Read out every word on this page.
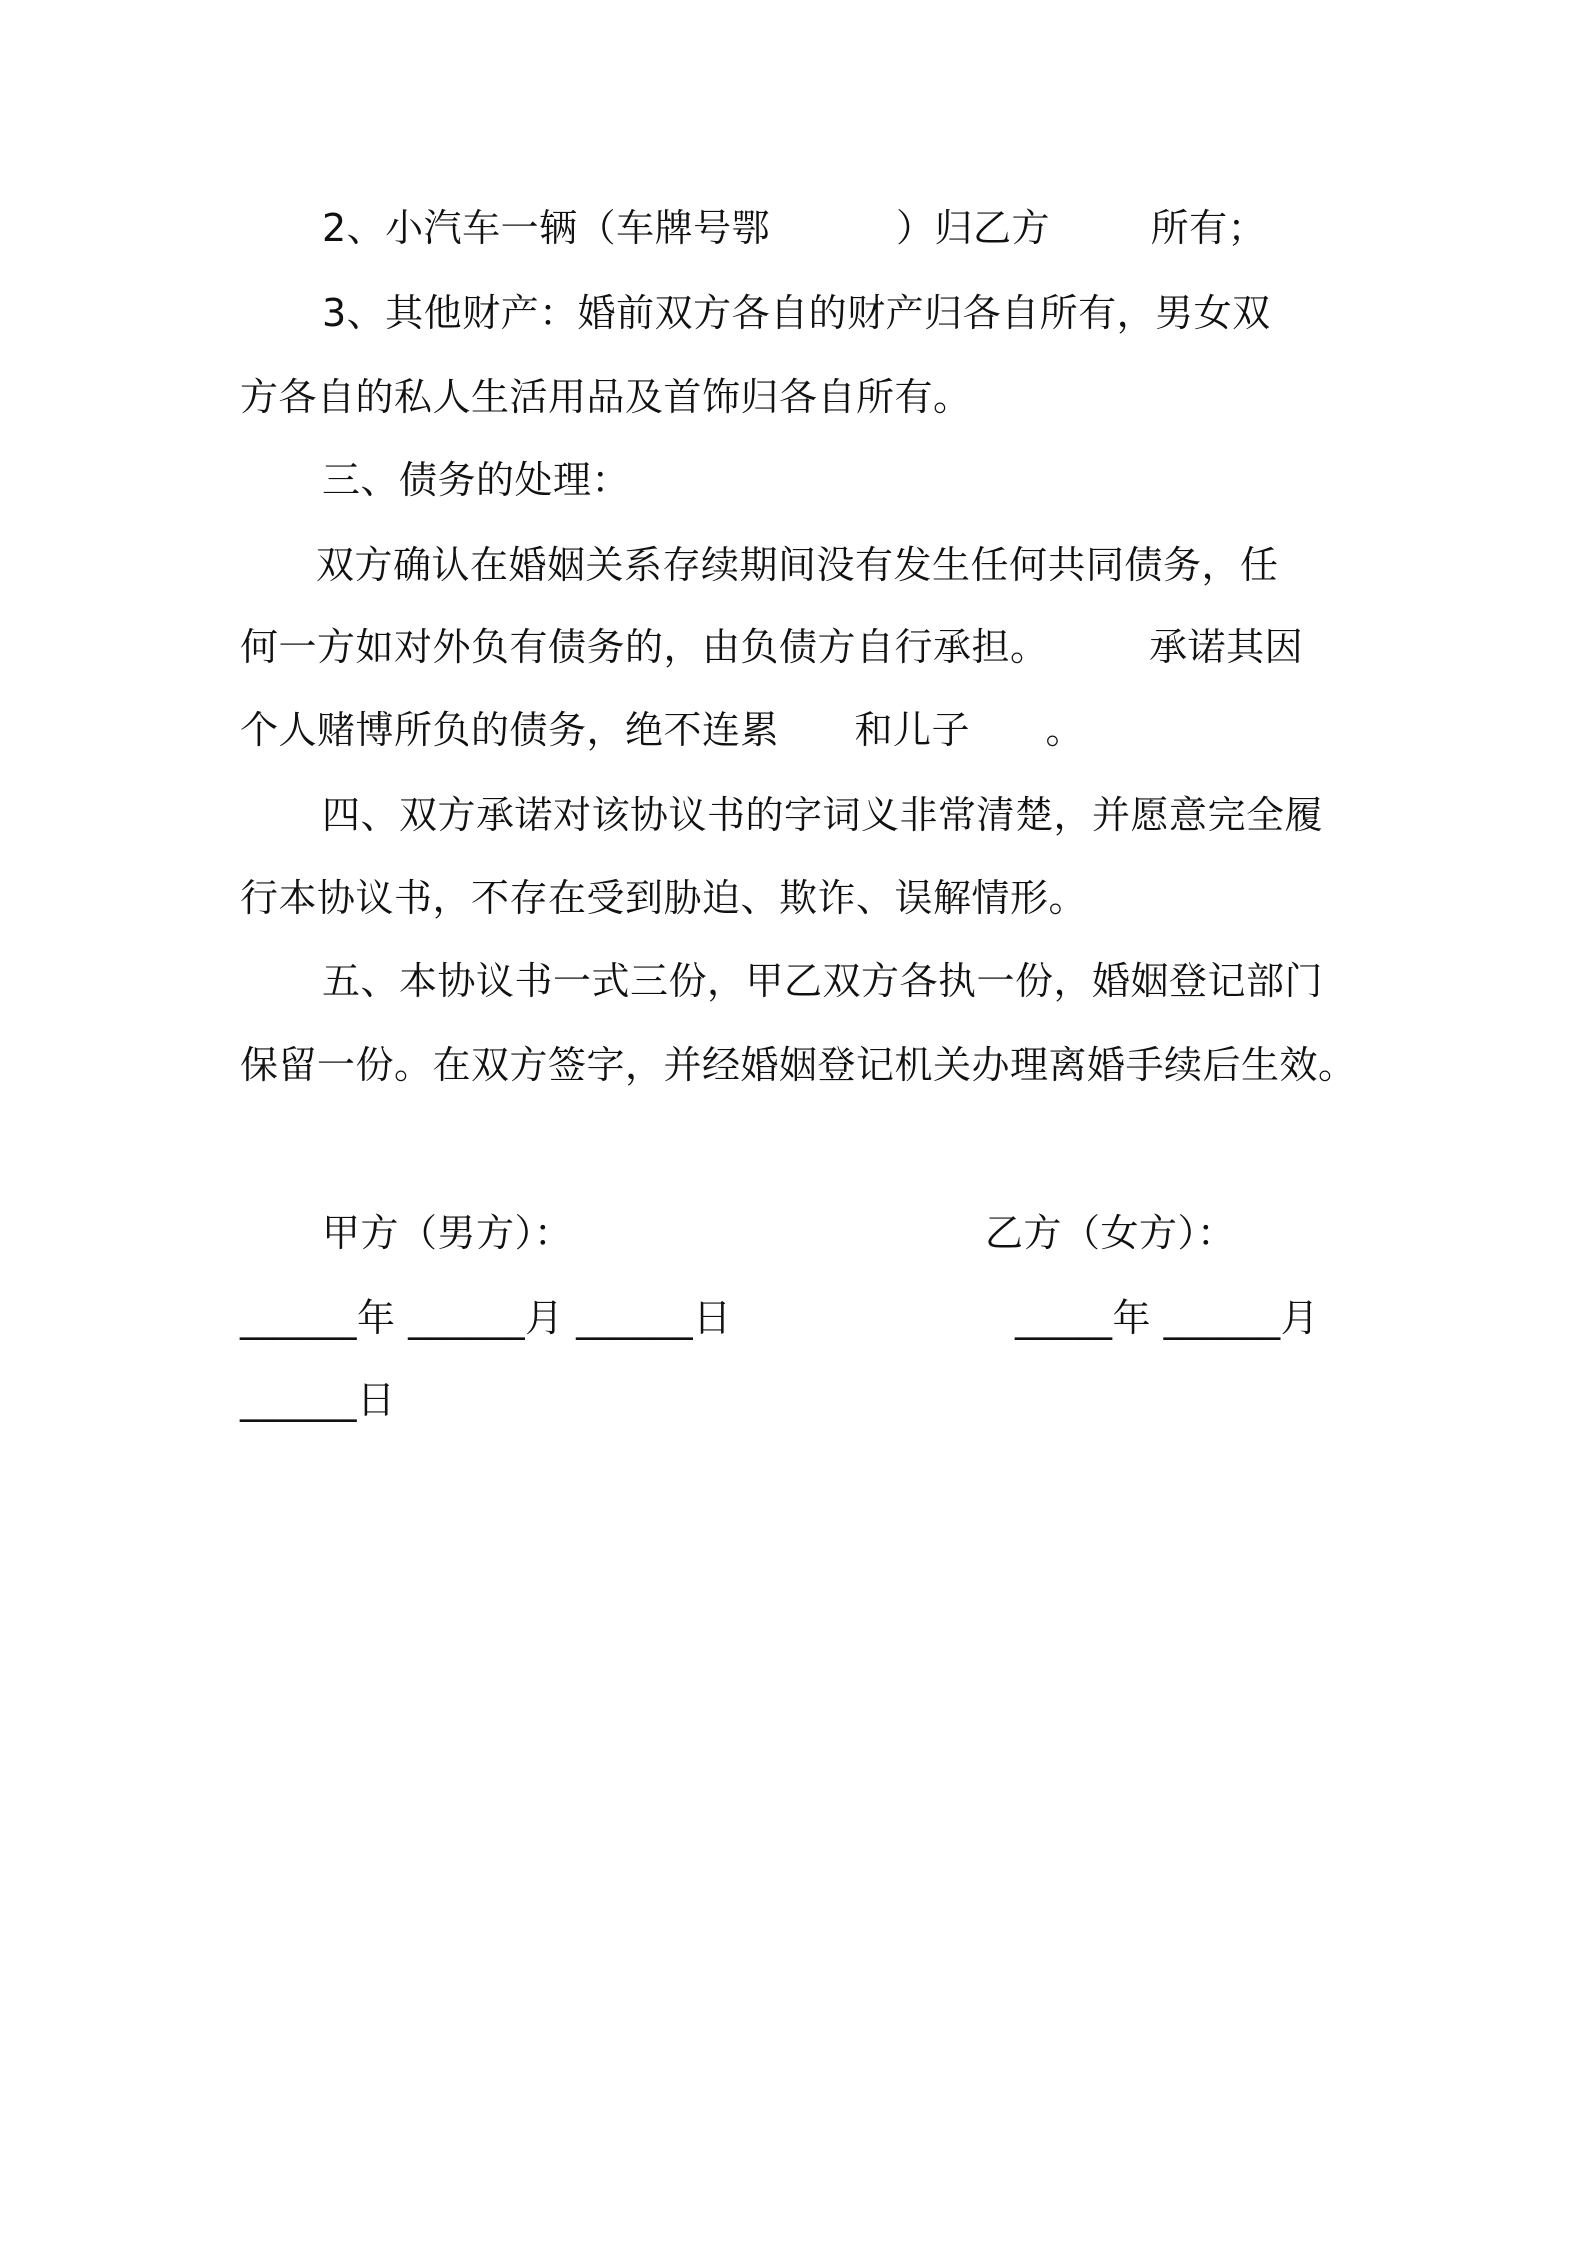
2、小汽车一辆（车牌号鄂          ）归乙方        所有；
3、其他财产：婚前双方各自的财产归各自所有，男女双
方各自的私人生活用品及首饰归各自所有。
三、债务的处理：
双方确认在婚姻关系存续期间没有发生任何共同债务，任
何一方如对外负有债务的，由负债方自行承担。        承诺其因
个人赌博所负的债务，绝不连累      和儿子      。
四、双方承诺对该协议书的字词义非常清楚，并愿意完全履
行本协议书，不存在受到胁迫、欺诈、误解情形。
五、本协议书一式三份，甲乙双方各执一份，婚姻登记部门
保留一份。在双方签字，并经婚姻登记机关办理离婚手续后生效。
甲方（男方）：	乙方（女方）：
______年 ______月 ______日	_____年 ______月
______日
